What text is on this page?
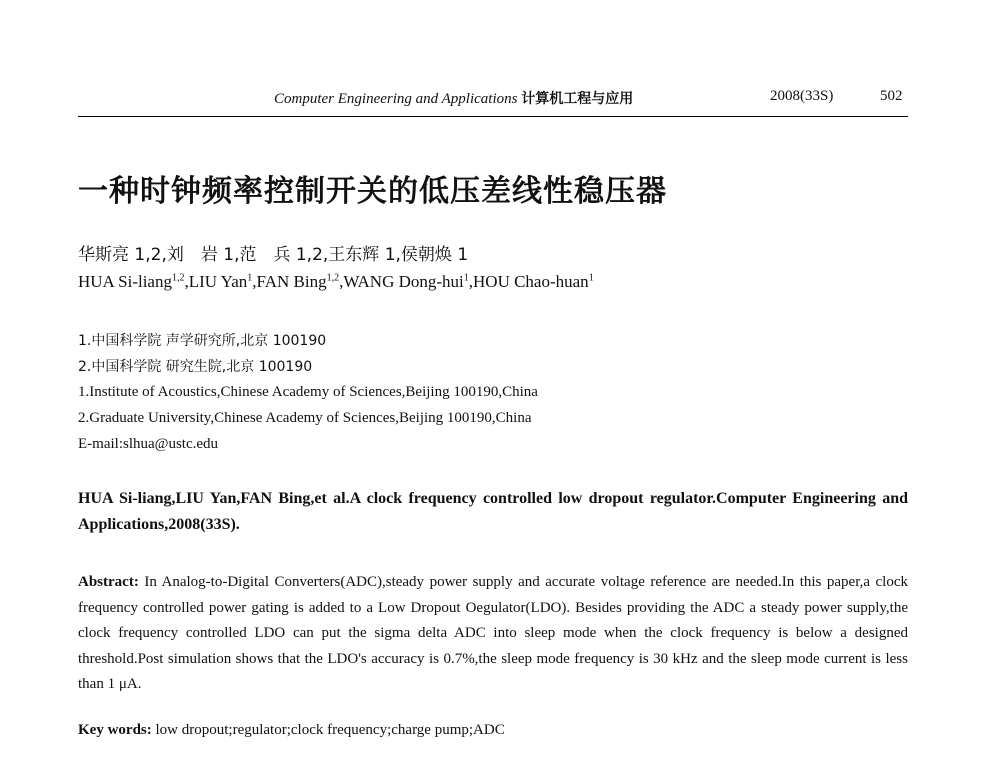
Computer Engineering and Applications 计算机工程与应用	2008(33S)	502
一种时钟频率控制开关的低压差线性稳压器
华斯亮 1,2,刘　岩 1,范　兵 1,2,王东辉 1,侯朝焕 1
HUA Si-liang$^{1,2}$,LIU Yan$^1$,FAN Bing$^{1,2}$,WANG Dong-hui$^1$,HOU Chao-huan$^1$
1.中国科学院 声学研究所,北京 100190
2.中国科学院 研究生院,北京 100190
1.Institute of Acoustics,Chinese Academy of Sciences,Beijing 100190,China
2.Graduate University,Chinese Academy of Sciences,Beijing 100190,China
E-mail:slhua@ustc.edu
HUA Si-liang,LIU Yan,FAN Bing,et al.A clock frequency controlled low dropout regulator.Computer Engineering and Applications,2008(33S).
Abstract: In Analog-to-Digital Converters(ADC),steady power supply and accurate voltage reference are needed.In this paper,a clock frequency controlled power gating is added to a Low Dropout Oegulator(LDO). Besides providing the ADC a steady power supply,the clock frequency controlled LDO can put the sigma delta ADC into sleep mode when the clock frequency is below a designed threshold.Post simulation shows that the LDO's accuracy is 0.7%,the sleep mode frequency is 30 kHz and the sleep mode current is less than 1 μA.
Key words: low dropout;regulator;clock frequency;charge pump;ADC
